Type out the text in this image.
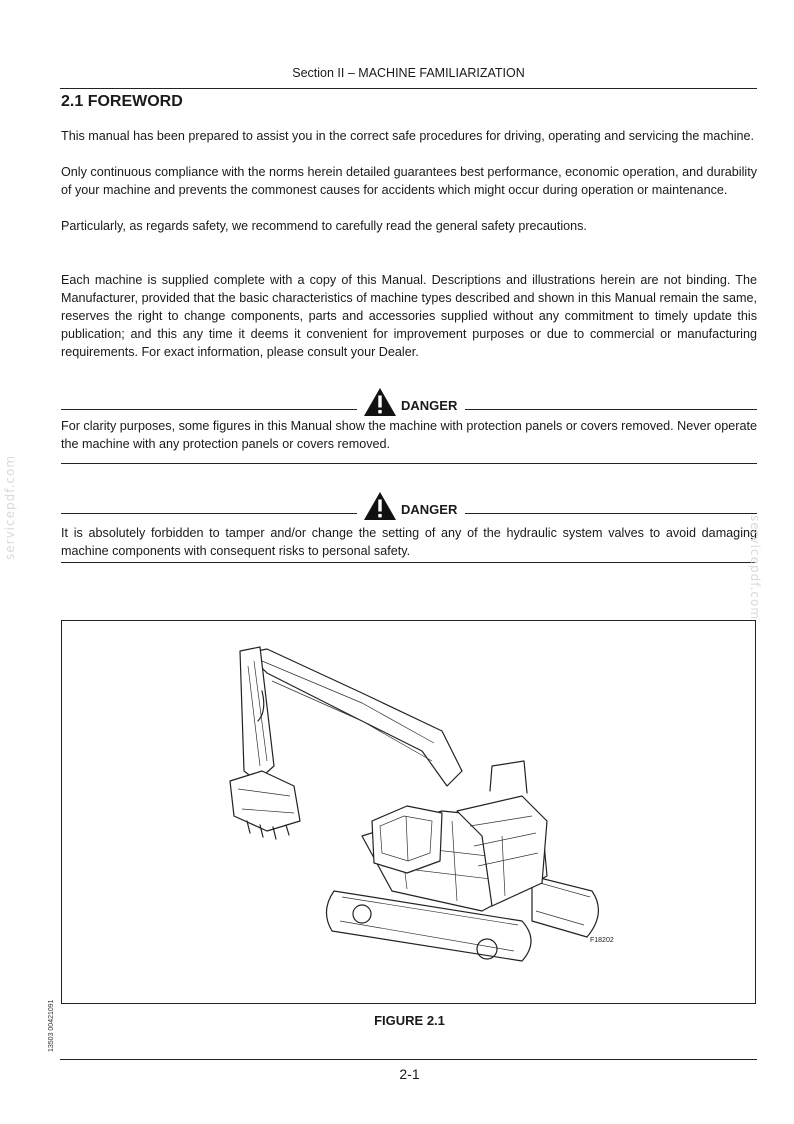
Section II – MACHINE FAMILIARIZATION
2.1 FOREWORD

This manual has been prepared to assist you in the correct safe procedures for driving, operating and servicing the machine.

Only continuous compliance with the norms herein detailed guarantees best performance, economic operation, and durability of your machine and prevents the commonest causes for accidents which might occur during operation or maintenance.

Particularly, as regards safety, we recommend to carefully read the general safety precautions.

Each machine is supplied complete with a copy of this Manual. Descriptions and illustrations herein are not binding. The Manufacturer, provided that the basic characteristics of machine types described and shown in this Manual remain the same, reserves the right to change components, parts and accessories supplied without any commitment to timely update this publication; and this any time it deems it convenient for improvement purposes or due to commercial or manufacturing requirements. For exact information, please consult your Dealer.

DANGER

For clarity purposes, some figures in this Manual show the machine with protection panels or covers removed. Never operate the machine with any protection panels or covers removed.

DANGER

It is absolutely forbidden to tamper and/or change the setting of any of the hydraulic system valves to avoid damaging machine components with consequent risks to personal safety.

F18202
FIGURE 2.1
2-1
13503 00421091
servicepdf.com
servicepdf.com
